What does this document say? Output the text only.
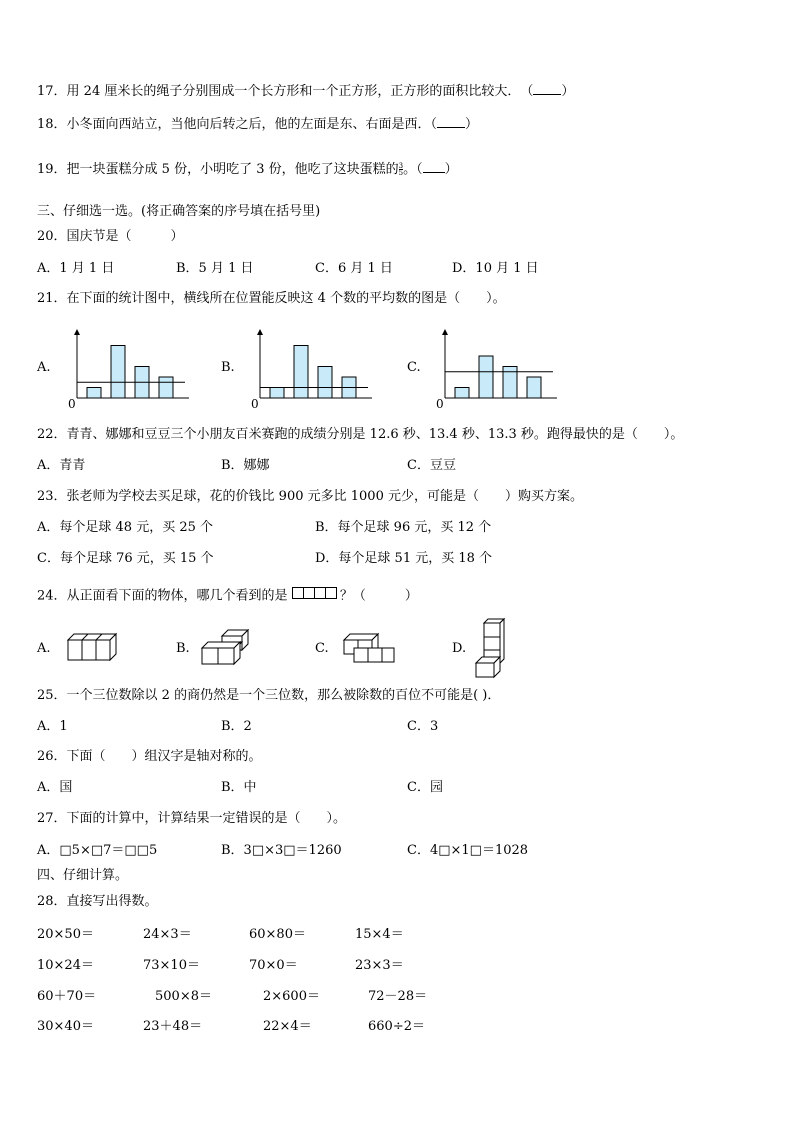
17．用 24 厘米长的绳子分别围成一个长方形和一个正方形，正方形的面积比较大．　（ ）
18．小冬面向西站立，当他向后转之后，他的左面是东、右面是西．（ ）
19．把一块蛋糕分成 5 份，小明吃了 3 份，他吃了这块蛋糕的 $\frac{3}{5}$ 。（ ）
三、仔细选一选。(将正确答案的序号填在括号里)
20．国庆节是（　　　）
A．1 月 1 日	B．5 月 1 日	C．6 月 1 日	D．10 月 1 日
21．在下面的统计图中，横线所在位置能反映这 4 个数的平均数的图是（　　）。
A.	B.	C.
0	0	0
22．青青、娜娜和豆豆三个小朋友百米赛跑的成绩分别是 12.6 秒、13.4 秒、13.3 秒。跑得最快的是（　　）。
A．青青	B．娜娜	C．豆豆
23．张老师为学校去买足球，花的价钱比 900 元多比 1000 元少，可能是（　　）购买方案。
A．每个足球 48 元，买 25 个	B．每个足球 96 元，买 12 个
C．每个足球 76 元，买 15 个	D．每个足球 51 元，买 18 个
24．从正面看下面的物体，哪几个看到的是	？（　　　）
A.	B.	C.	D.
25．一个三位数除以 2 的商仍然是一个三位数，那么被除数的百位不可能是( )．
A．1	B．2	C．3
26．下面（　　）组汉字是轴对称的。
A．国	B．中	C．园
27．下面的计算中，计算结果一定错误的是（　　）。
A．□5×□7＝□□5	B．3□×3□＝1260	C．4□×1□＝1028
四、仔细计算。
28．直接写出得数。
20×50＝	24×3＝	60×80＝	15×4＝
10×24＝	73×10＝	70×0＝	23×3＝
60＋70＝	500×8＝	2×600＝	72－28＝
30×40＝	23＋48＝	22×4＝	660÷2＝
